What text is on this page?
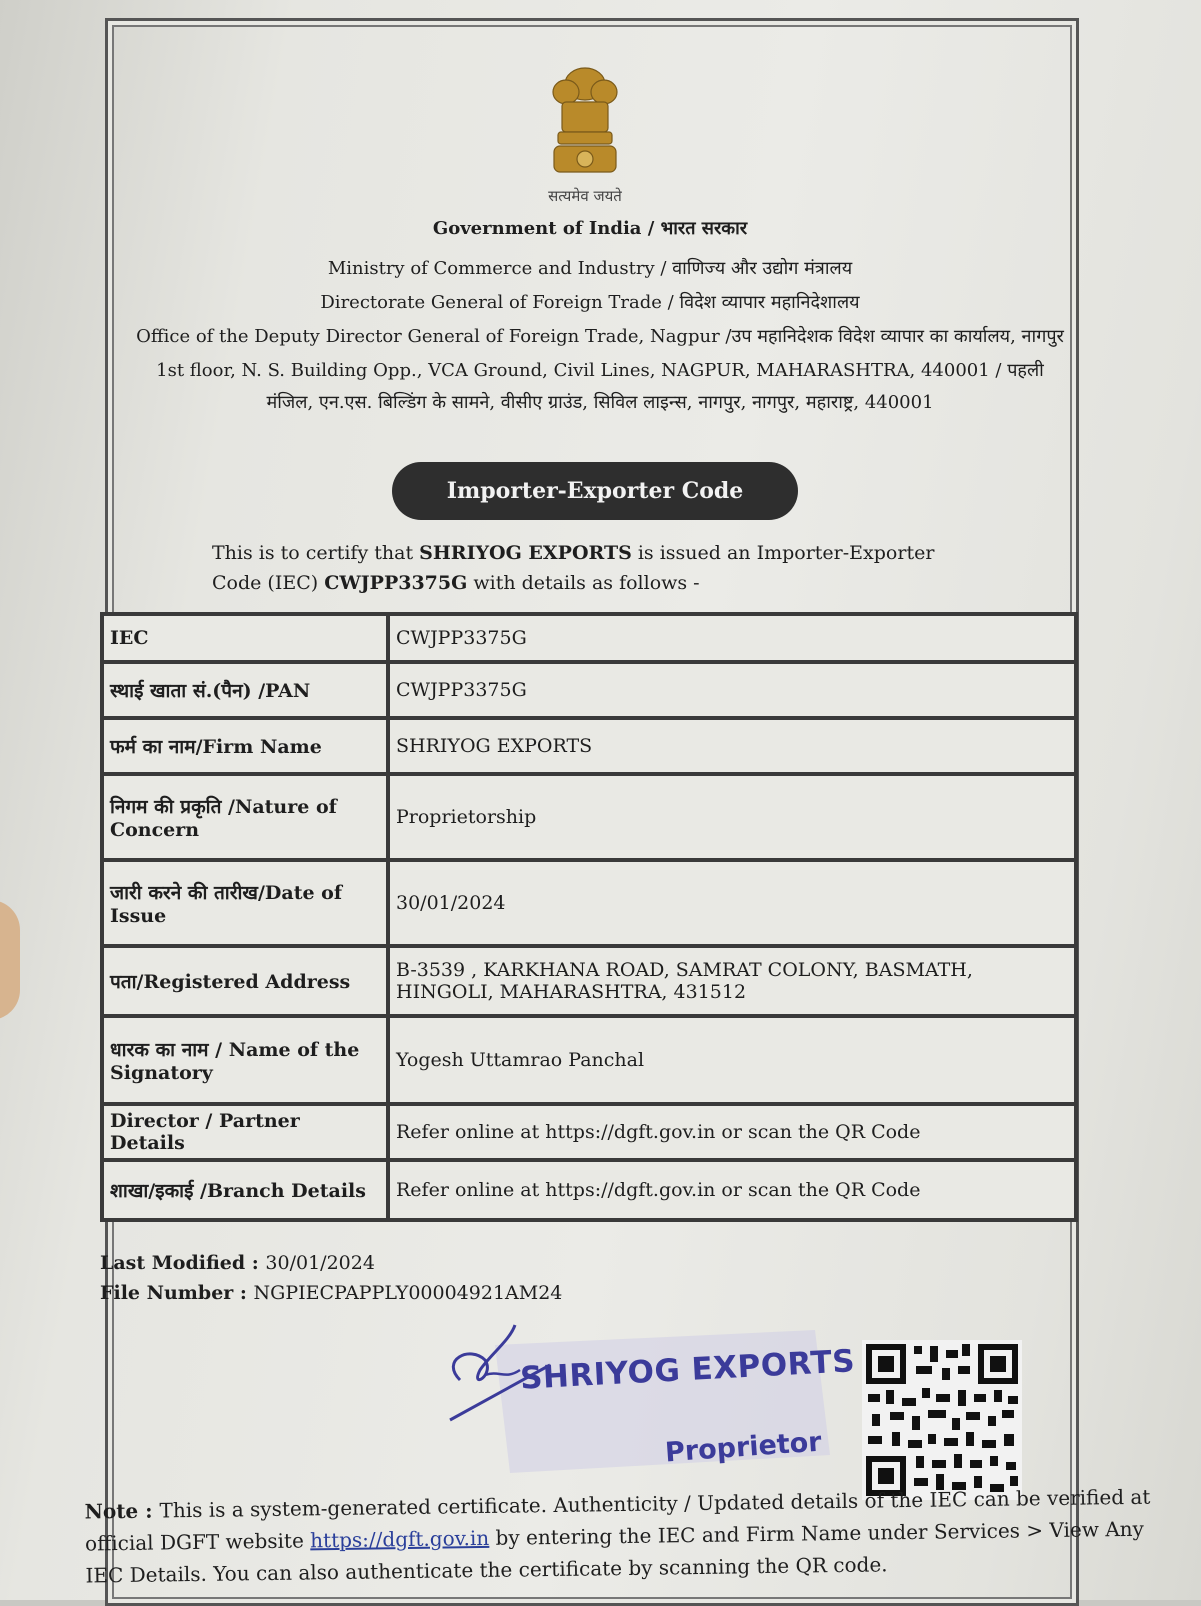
सत्यमेव जयते
Government of India / भारत सरकार
Ministry of Commerce and Industry / वाणिज्य और उद्योग मंत्रालय
Directorate General of Foreign Trade / विदेश व्यापार महानिदेशालय
Office of the Deputy Director General of Foreign Trade, Nagpur /उप महानिदेशक विदेश व्यापार का कार्यालय, नागपुर
1st floor, N. S. Building Opp., VCA Ground, Civil Lines, NAGPUR, MAHARASHTRA, 440001 / पहली
मंजिल, एन.एस. बिल्डिंग के सामने, वीसीए ग्राउंड, सिविल लाइन्स, नागपुर, नागपुर, महाराष्ट्र, 440001
Importer-Exporter Code
This is to certify that SHRIYOG EXPORTS is issued an Importer-Exporter Code (IEC) CWJPP3375G with details as follows -
IEC	CWJPP3375G
स्थाई खाता सं.(पैन) /PAN	CWJPP3375G
फर्म का नाम/Firm Name	SHRIYOG EXPORTS
निगम की प्रकृति /Nature of Concern	Proprietorship
जारी करने की तारीख/Date of Issue	30/01/2024
पता/Registered Address	B-3539 , KARKHANA ROAD, SAMRAT COLONY, BASMATH, HINGOLI, MAHARASHTRA, 431512
धारक का नाम / Name of the Signatory	Yogesh Uttamrao Panchal
Director / Partner Details	Refer online at https://dgft.gov.in or scan the QR Code
शाखा/इकाई /Branch Details	Refer online at https://dgft.gov.in or scan the QR Code
Last Modified : 30/01/2024
File Number : NGPIECPAPPLY00004921AM24
SHRIYOG EXPORTS
Proprietor
Note : This is a system-generated certificate. Authenticity / Updated details of the IEC can be verified at official DGFT website https://dgft.gov.in by entering the IEC and Firm Name under Services > View Any IEC Details. You can also authenticate the certificate by scanning the QR code.
